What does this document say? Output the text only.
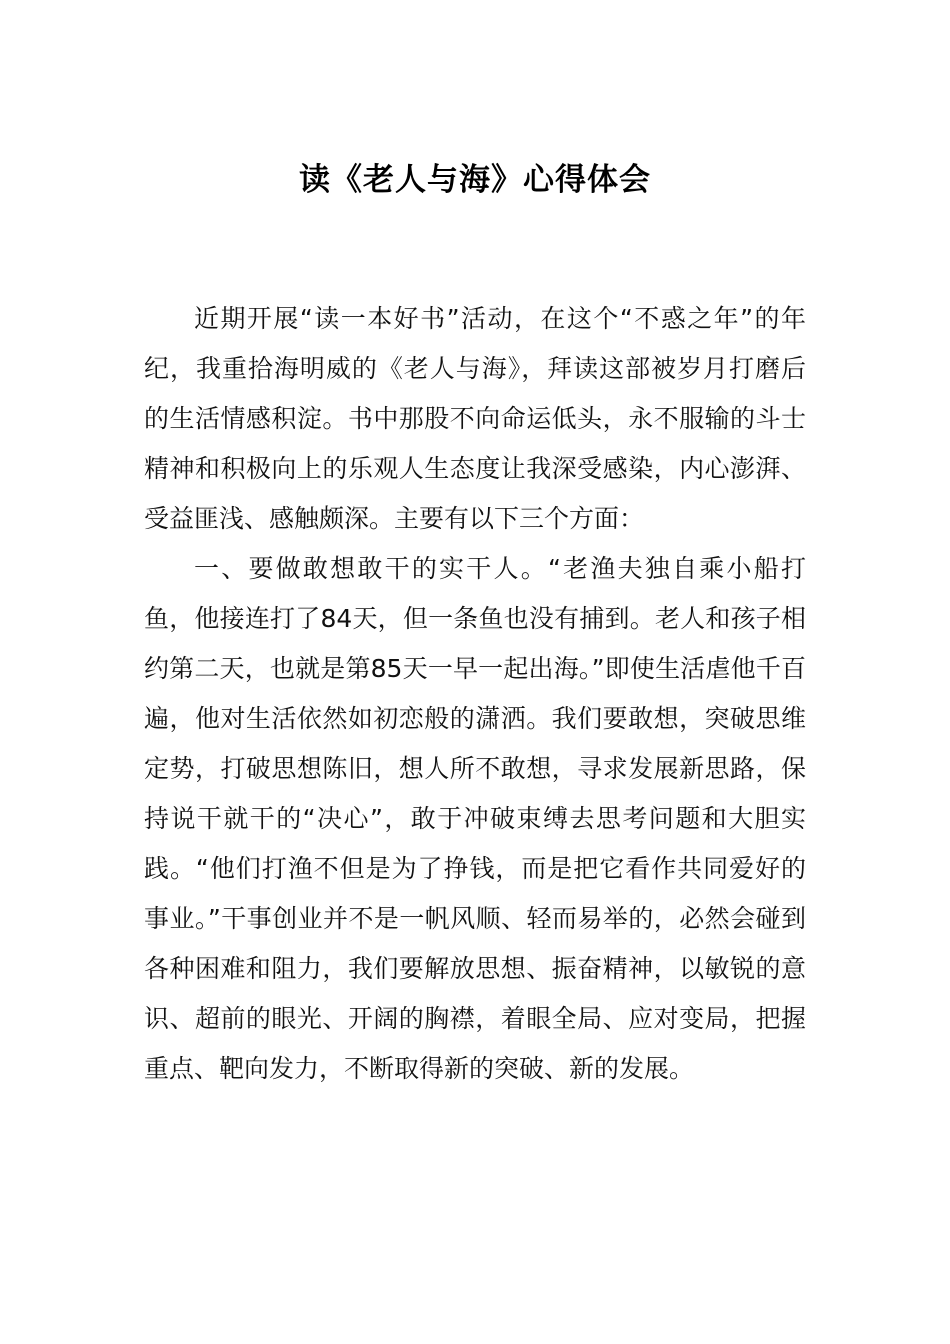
读《老人与海》心得体会

近期开展“读一本好书”活动，在这个“不惑之年”的年纪，我重拾海明威的《老人与海》，拜读这部被岁月打磨后的生活情感积淀。书中那股不向命运低头，永不服输的斗士精神和积极向上的乐观人生态度让我深受感染，内心澎湃、受益匪浅、感触颇深。主要有以下三个方面：

一、要做敢想敢干的实干人。“老渔夫独自乘小船打鱼，他接连打了84天，但一条鱼也没有捕到。老人和孩子相约第二天，也就是第85天一早一起出海。”即使生活虐他千百遍，他对生活依然如初恋般的潇洒。我们要敢想，突破思维定势，打破思想陈旧，想人所不敢想，寻求发展新思路，保持说干就干的“决心”，敢于冲破束缚去思考问题和大胆实践。“他们打渔不但是为了挣钱，而是把它看作共同爱好的事业。”干事创业并不是一帆风顺、轻而易举的，必然会碰到各种困难和阻力，我们要解放思想、振奋精神，以敏锐的意识、超前的眼光、开阔的胸襟，着眼全局、应对变局，把握重点、靶向发力，不断取得新的突破、新的发展。
